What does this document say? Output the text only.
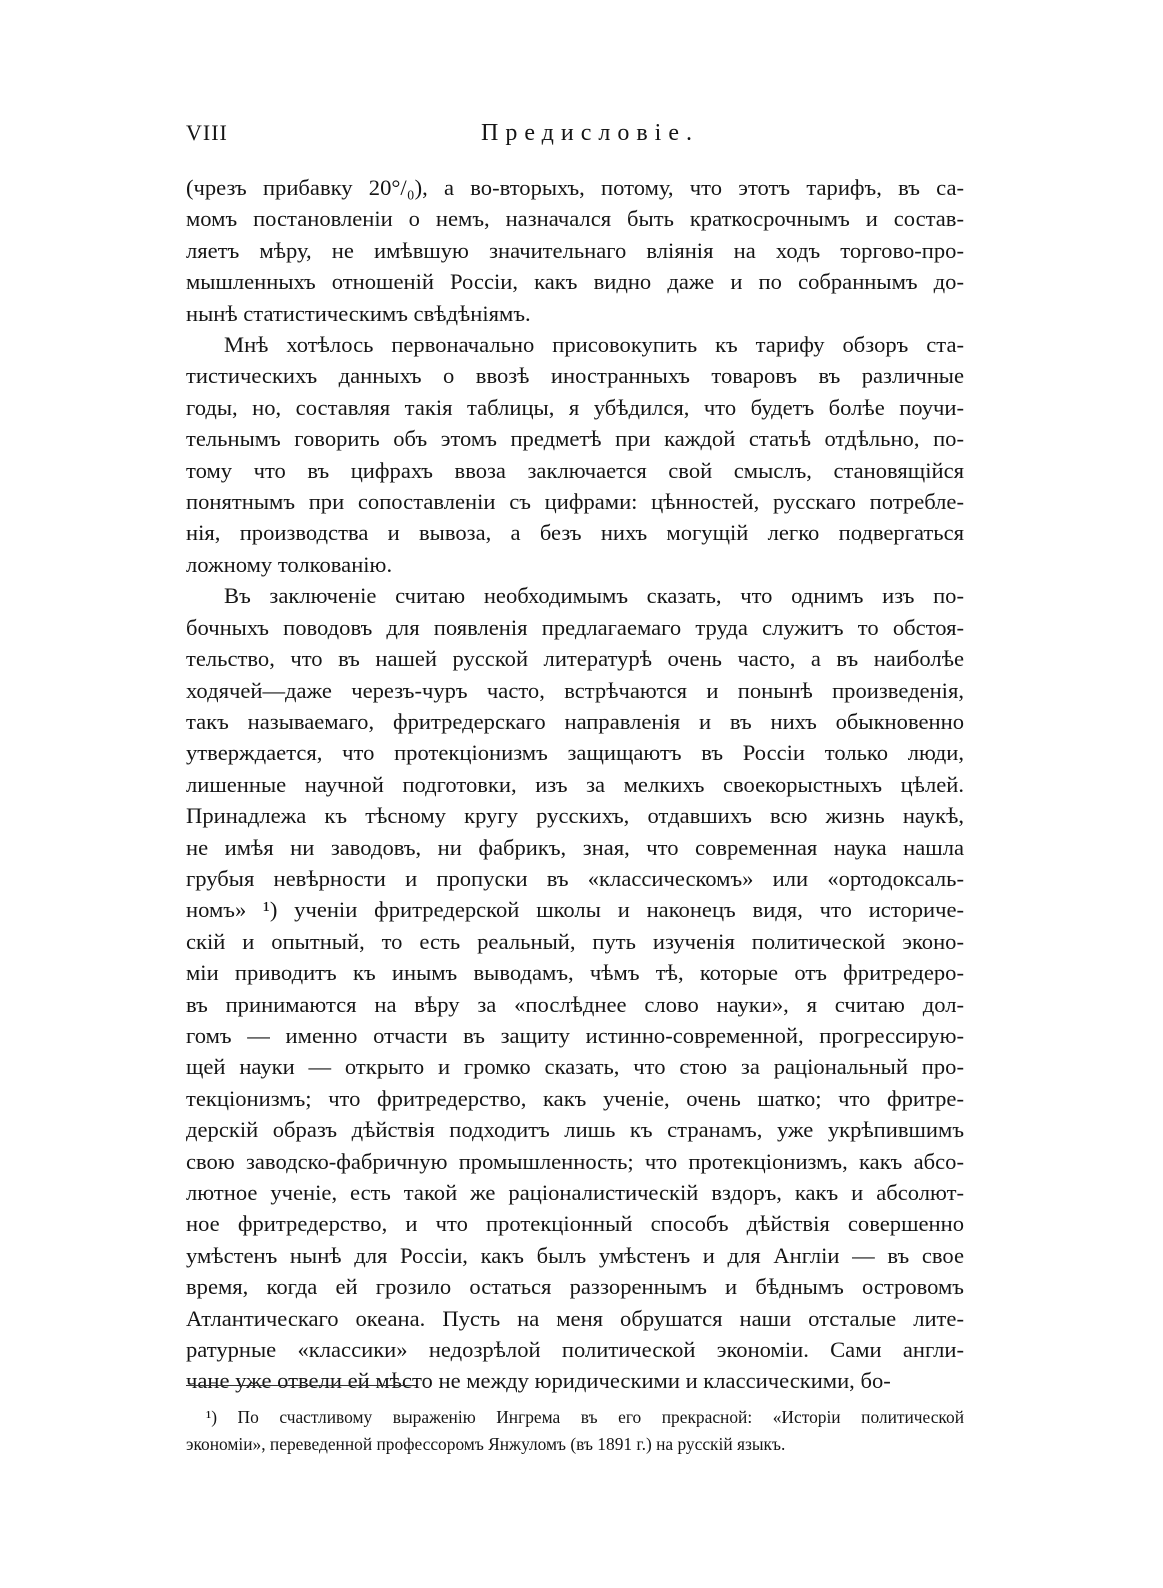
VIII	Предисловіе.
(чрезъ прибавку 20°/₀), а во-вторыхъ, потому, что этотъ тарифъ, въ са-
момъ постановленіи о немъ, назначался быть краткосрочнымъ и состав-
ляетъ мѣру, не имѣвшую значительнаго вліянія на ходъ торгово-про-
мышленныхъ отношеній Россіи, какъ видно даже и по собраннымъ до-
нынѣ статистическимъ свѣдѣніямъ.
Мнѣ хотѣлось первоначально присовокупить къ тарифу обзоръ ста-
тистическихъ данныхъ о ввозѣ иностранныхъ товаровъ въ различные
годы, но, составляя такія таблицы, я убѣдился, что будетъ болѣе поучи-
тельнымъ говорить объ этомъ предметѣ при каждой статьѣ отдѣльно, по-
тому что въ цифрахъ ввоза заключается свой смыслъ, становящійся
понятнымъ при сопоставленіи съ цифрами: цѣнностей, русскаго потребле-
нія, производства и вывоза, а безъ нихъ могущій легко подвергаться
ложному толкованію.
Въ заключеніе считаю необходимымъ сказать, что однимъ изъ по-
бочныхъ поводовъ для появленія предлагаемаго труда служитъ то обстоя-
тельство, что въ нашей русской литературѣ очень часто, а въ наиболѣе
ходячей—даже черезъ-чуръ часто, встрѣчаются и понынѣ произведенія,
такъ называемаго, фритредерскаго направленія и въ нихъ обыкновенно
утверждается, что протекціонизмъ защищаютъ въ Россіи только люди,
лишенные научной подготовки, изъ за мелкихъ своекорыстныхъ цѣлей.
Принадлежа къ тѣсному кругу русскихъ, отдавшихъ всю жизнь наукѣ,
не имѣя ни заводовъ, ни фабрикъ, зная, что современная наука нашла
грубыя невѣрности и пропуски въ «классическомъ» или «ортодоксаль-
номъ» ¹) ученіи фритредерской школы и наконецъ видя, что историче-
скій и опытный, то есть реальный, путь изученія политической эконо-
міи приводитъ къ инымъ выводамъ, чѣмъ тѣ, которые отъ фритредеро-
въ принимаются на вѣру за «послѣднее слово науки», я считаю дол-
гомъ — именно отчасти въ защиту истинно-современной, прогрессирую-
щей науки — открыто и громко сказать, что стою за раціональный про-
текціонизмъ; что фритредерство, какъ ученіе, очень шатко; что фритре-
дерскій образъ дѣйствія подходитъ лишь къ странамъ, уже укрѣпившимъ
свою заводско-фабричную промышленность; что протекціонизмъ, какъ абсо-
лютное ученіе, есть такой же раціоналистическій вздоръ, какъ и абсолют-
ное фритредерство, и что протекціонный способъ дѣйствія совершенно
умѣстенъ нынѣ для Россіи, какъ былъ умѣстенъ и для Англіи — въ свое
время, когда ей грозило остаться раззореннымъ и бѣднымъ островомъ
Атлантическаго океана. Пусть на меня обрушатся наши отсталые лите-
ратурные «классики» недозрѣлой политической экономіи. Сами англи-
чане уже отвели ей мѣсто не между юридическими и классическими, бо-
¹) По счастливому выраженію Ингрема въ его прекрасной: «Исторіи политической
экономіи», переведенной профессоромъ Янжуломъ (въ 1891 г.) на русскій языкъ.
